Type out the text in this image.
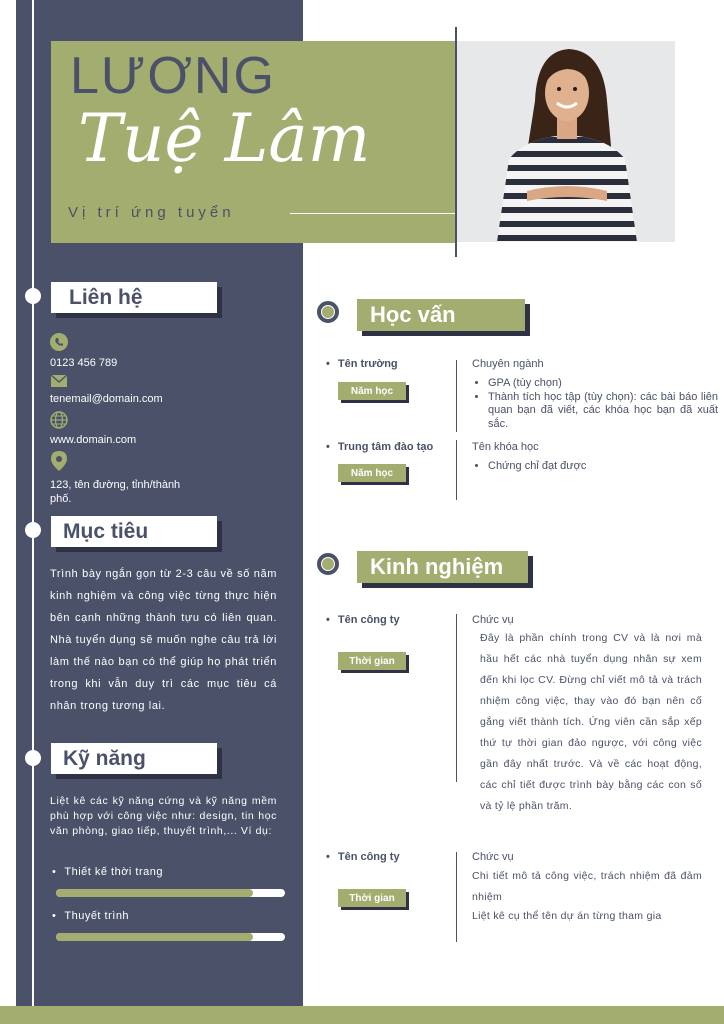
LƯƠNG
Tuệ Lâm
Vị trí ứng tuyển
Liên hệ
0123 456 789
tenemail@domain.com
www.domain.com
123, tên đường, tỉnh/thành phố.
Mục tiêu
Trình bày ngắn gọn từ 2-3 câu về số năm kinh nghiệm và công việc từng thực hiện bên cạnh những thành tựu có liên quan. Nhà tuyển dụng sẽ muốn nghe câu trả lời làm thế nào bạn có thể giúp họ phát triển trong khi vẫn duy trì các mục tiêu cá nhân trong tương lai.
Kỹ năng
Liệt kê các kỹ năng cứng và kỹ năng mềm phù hợp với công việc như: design, tin học văn phòng, giao tiếp, thuyết trình,... Ví dụ:
• Thiết kế thời trang
• Thuyết trình
Học vấn
• Tên trường
Năm học
Chuyên ngành
• GPA (tùy chọn)
• Thành tích học tập (tùy chọn): các bài báo liên quan bạn đã viết, các khóa học bạn đã xuất sắc.
• Trung tâm đào tạo
Năm học
Tên khóa học
• Chứng chỉ đạt được
Kinh nghiệm
• Tên công ty
Thời gian
Chức vụ
Đây là phần chính trong CV và là nơi mà hầu hết các nhà tuyển dụng nhân sự xem đến khi lọc CV. Đừng chỉ viết mô tả và trách nhiệm công việc, thay vào đó bạn nên cố gắng viết thành tích. Ứng viên cần sắp xếp thứ tự thời gian đảo ngược, với công việc gần đây nhất trước. Và về các hoạt động, các chỉ tiết được trình bày bằng các con số và tỷ lệ phần trăm.
• Tên công ty
Thời gian
Chức vụ
Chi tiết mô tả công việc, trách nhiệm đã đảm nhiệm
Liệt kê cụ thể tên dự án từng tham gia
